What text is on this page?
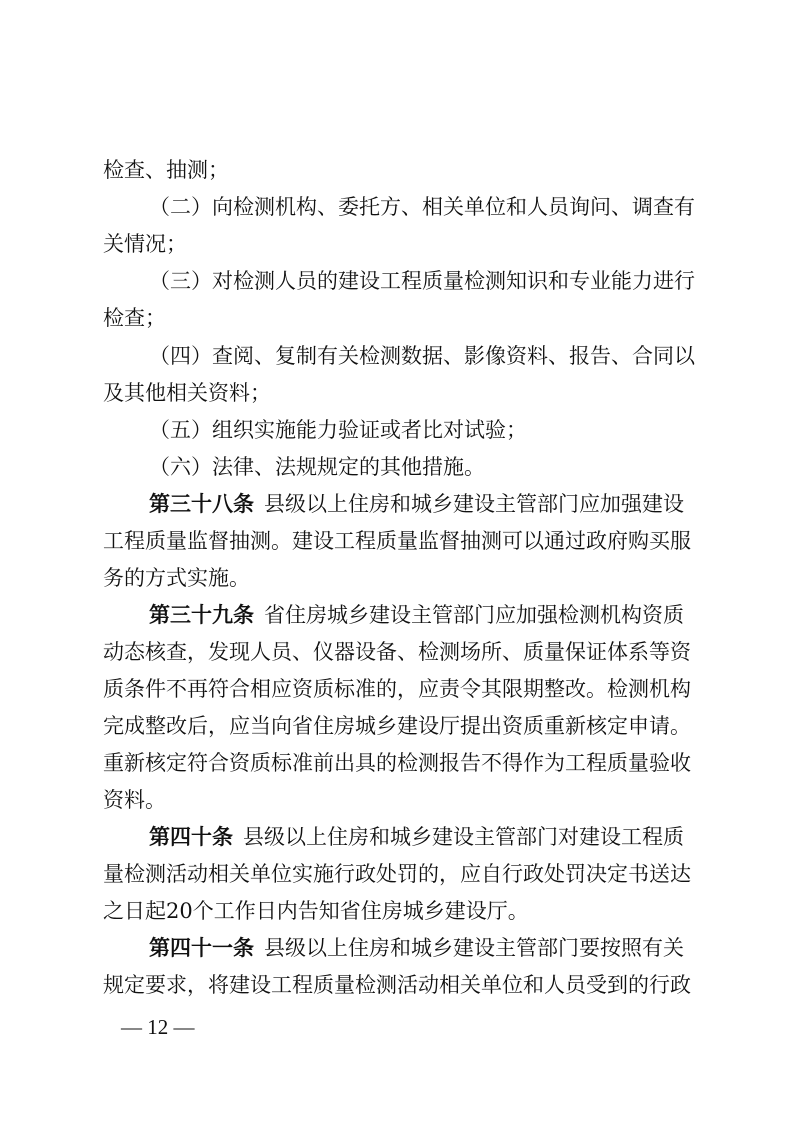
检查、抽测；
（二）向检测机构、委托方、相关单位和人员询问、调查有
关情况；
（三）对检测人员的建设工程质量检测知识和专业能力进行
检查；
（四）查阅、复制有关检测数据、影像资料、报告、合同以
及其他相关资料；
（五）组织实施能力验证或者比对试验；
（六）法律、法规规定的其他措施。
第三十八条 县级以上住房和城乡建设主管部门应加强建设
工程质量监督抽测。建设工程质量监督抽测可以通过政府购买服
务的方式实施。
第三十九条 省住房城乡建设主管部门应加强检测机构资质
动态核查，发现人员、仪器设备、检测场所、质量保证体系等资
质条件不再符合相应资质标准的，应责令其限期整改。检测机构
完成整改后，应当向省住房城乡建设厅提出资质重新核定申请。
重新核定符合资质标准前出具的检测报告不得作为工程质量验收
资料。
第四十条 县级以上住房和城乡建设主管部门对建设工程质
量检测活动相关单位实施行政处罚的，应自行政处罚决定书送达
之日起20个工作日内告知省住房城乡建设厅。
第四十一条 县级以上住房和城乡建设主管部门要按照有关
规定要求，将建设工程质量检测活动相关单位和人员受到的行政
— 12 —
